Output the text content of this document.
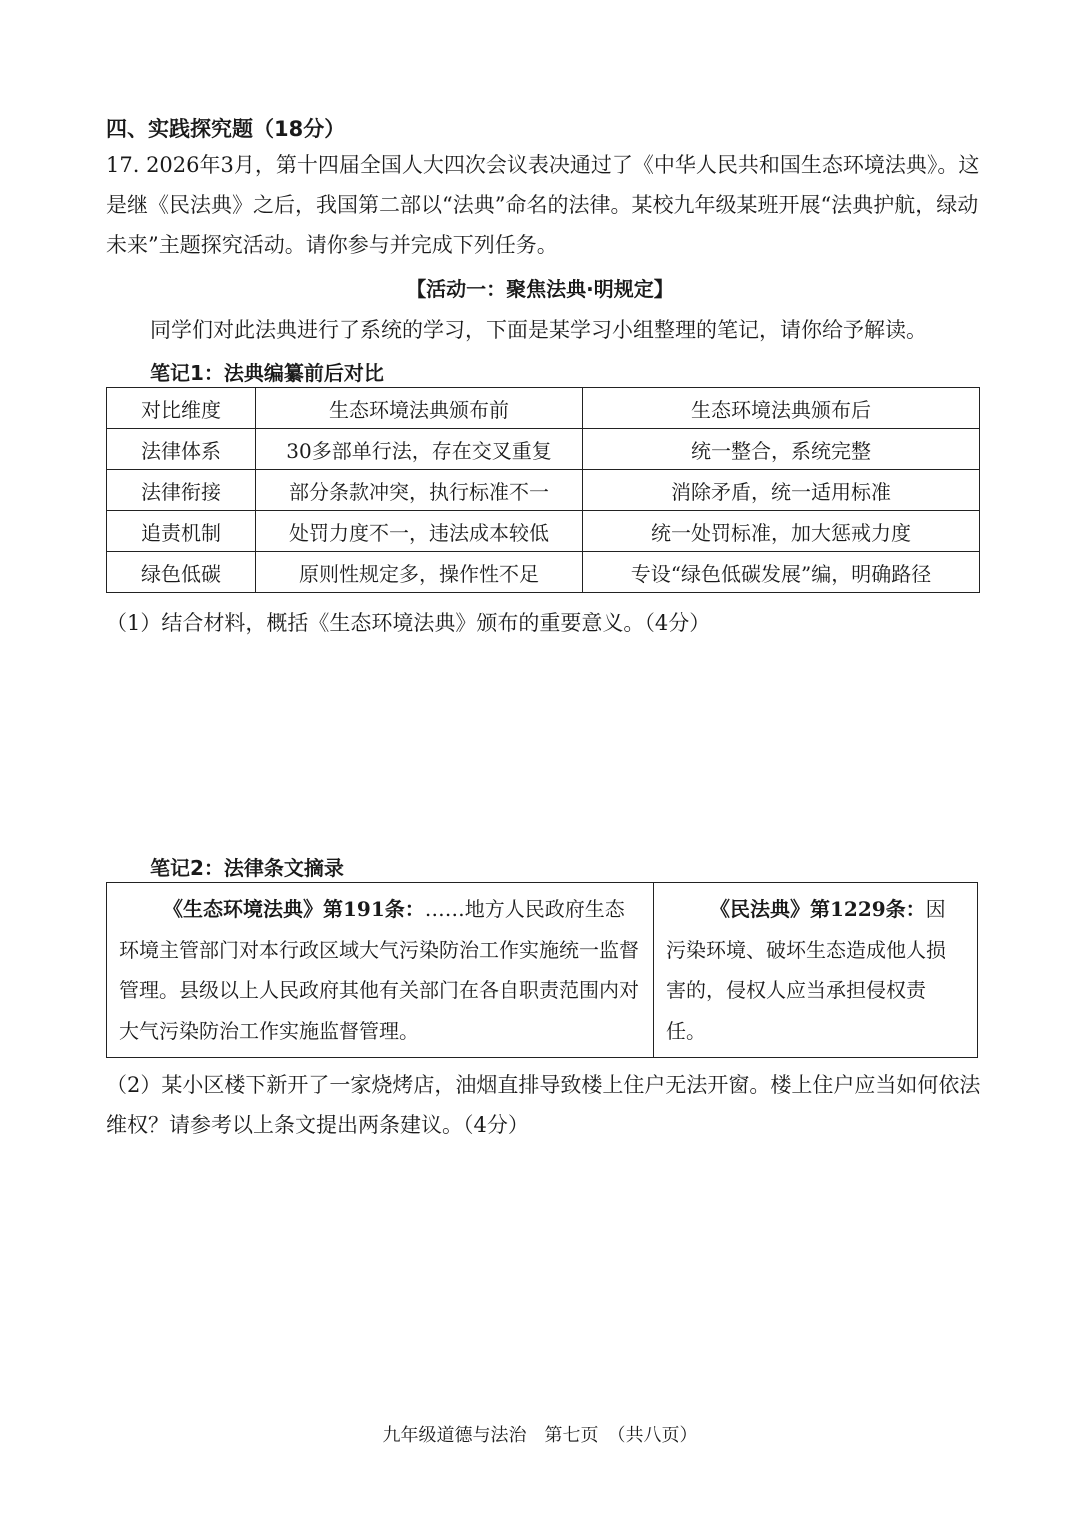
四、实践探究题（18分）
17. 2026年3月，第十四届全国人大四次会议表决通过了《中华人民共和国生态环境法典》。这是继《民法典》之后，我国第二部以“法典”命名的法律。某校九年级某班开展“法典护航，绿动未来”主题探究活动。请你参与并完成下列任务。
【活动一：聚焦法典·明规定】
同学们对此法典进行了系统的学习，下面是某学习小组整理的笔记，请你给予解读。
笔记1：法典编纂前后对比
对比维度	生态环境法典颁布前	生态环境法典颁布后
法律体系	30多部单行法，存在交叉重复	统一整合，系统完整
法律衔接	部分条款冲突，执行标准不一	消除矛盾，统一适用标准
追责机制	处罚力度不一，违法成本较低	统一处罚标准，加大惩戒力度
绿色低碳	原则性规定多，操作性不足	专设“绿色低碳发展”编，明确路径
（1）结合材料，概括《生态环境法典》颁布的重要意义。（4分）
笔记2：法律条文摘录
《生态环境法典》第191条：……地方人民政府生态环境主管部门对本行政区域大气污染防治工作实施统一监督管理。县级以上人民政府其他有关部门在各自职责范围内对大气污染防治工作实施监督管理。
《民法典》第1229条：因污染环境、破坏生态造成他人损害的，侵权人应当承担侵权责任。
（2）某小区楼下新开了一家烧烤店，油烟直排导致楼上住户无法开窗。楼上住户应当如何依法维权？请参考以上条文提出两条建议。（4分）
九年级道德与法治　第七页　（共八页）
